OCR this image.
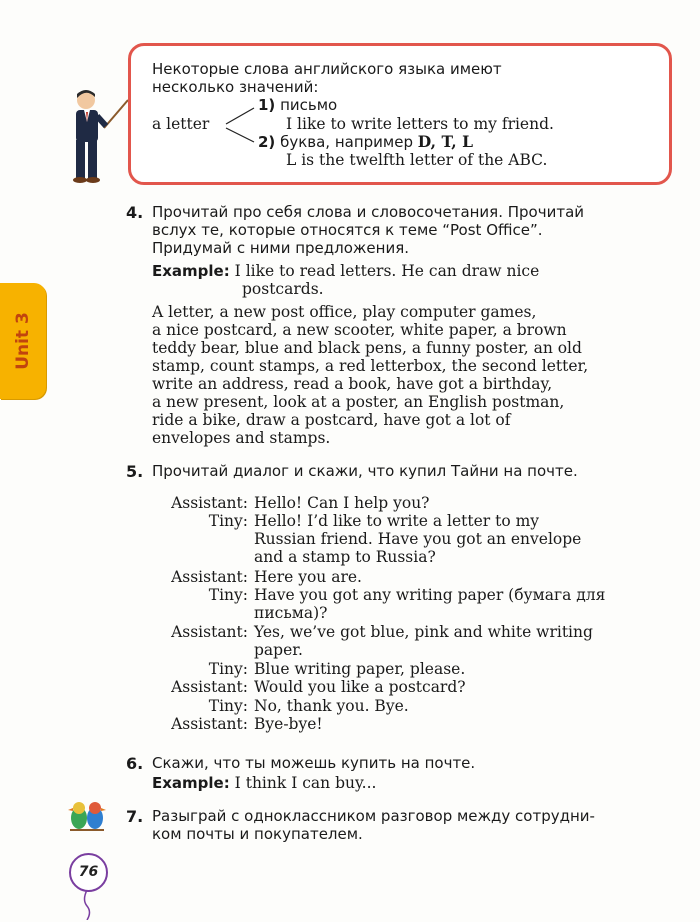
Unit 3
Некоторые слова английского языка имеют
несколько значений:
a letter
1) письмо
I like to write letters to my friend.
2) буква, например D, T, L
L is the twelfth letter of the ABC.
4. Прочитай про себя слова и словосочетания. Прочитай
вслух те, которые относятся к теме “Post Office”.
Придумай с ними предложения.
Example: I like to read letters. He can draw nice
postcards.
A letter, a new post office, play computer games,
a nice postcard, a new scooter, white paper, a brown
teddy bear, blue and black pens, a funny poster, an old
stamp, count stamps, a red letterbox, the second letter,
write an address, read a book, have got a birthday,
a new present, look at a poster, an English postman,
ride a bike, draw a postcard, have got a lot of
envelopes and stamps.
5. Прочитай диалог и скажи, что купил Тайни на почте.
Assistant: Hello! Can I help you?
Tiny: Hello! I’d like to write a letter to my
Russian friend. Have you got an envelope
and a stamp to Russia?
Assistant: Here you are.
Tiny: Have you got any writing paper (бумага для
письма)?
Assistant: Yes, we’ve got blue, pink and white writing
paper.
Tiny: Blue writing paper, please.
Assistant: Would you like a postcard?
Tiny: No, thank you. Bye.
Assistant: Bye-bye!
6. Скажи, что ты можешь купить на почте.
Example: I think I can buy...
7. Разыграй с одноклассником разговор между сотрудни-
ком почты и покупателем.
76
